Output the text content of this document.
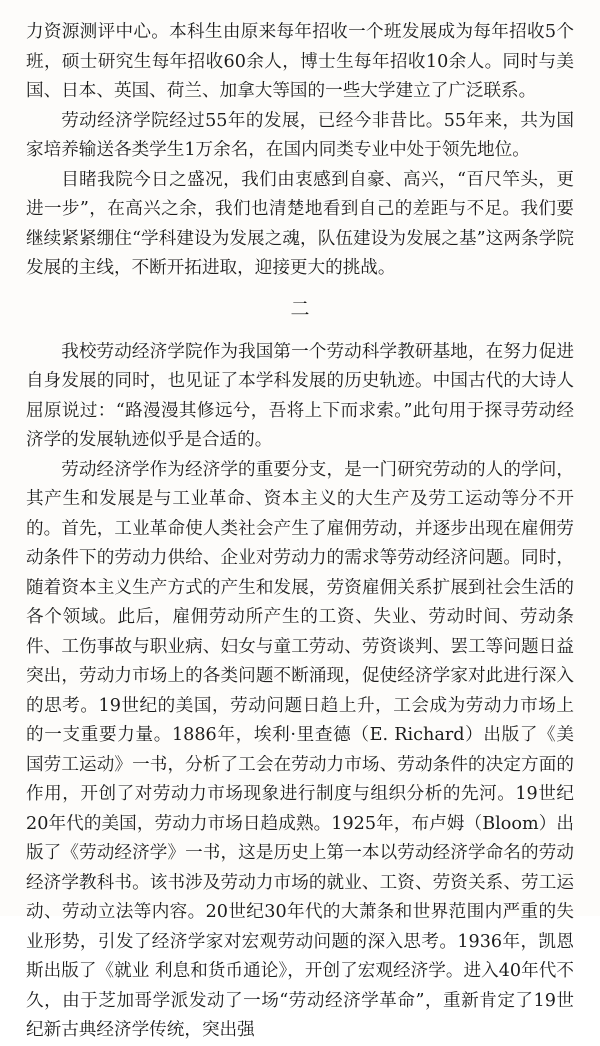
力资源测评中心。本科生由原来每年招收一个班发展成为每年招收5个班，硕士研究生每年招收60余人，博士生每年招收10余人。同时与美国、日本、英国、荷兰、加拿大等国的一些大学建立了广泛联系。

劳动经济学院经过55年的发展，已经今非昔比。55年来，共为国家培养输送各类学生1万余名，在国内同类专业中处于领先地位。

目睹我院今日之盛况，我们由衷感到自豪、高兴，“百尺竿头，更进一步”，在高兴之余，我们也清楚地看到自己的差距与不足。我们要继续紧紧绷住“学科建设为发展之魂，队伍建设为发展之基”这两条学院发展的主线，不断开拓进取，迎接更大的挑战。

二

我校劳动经济学院作为我国第一个劳动科学教研基地，在努力促进自身发展的同时，也见证了本学科发展的历史轨迹。中国古代的大诗人屈原说过：“路漫漫其修远兮，吾将上下而求索。”此句用于探寻劳动经济学的发展轨迹似乎是合适的。

劳动经济学作为经济学的重要分支，是一门研究劳动的人的学问，其产生和发展是与工业革命、资本主义的大生产及劳工运动等分不开的。首先，工业革命使人类社会产生了雇佣劳动，并逐步出现在雇佣劳动条件下的劳动力供给、企业对劳动力的需求等劳动经济问题。同时，随着资本主义生产方式的产生和发展，劳资雇佣关系扩展到社会生活的各个领域。此后，雇佣劳动所产生的工资、失业、劳动时间、劳动条件、工伤事故与职业病、妇女与童工劳动、劳资谈判、罢工等问题日益突出，劳动力市场上的各类问题不断涌现，促使经济学家对此进行深入的思考。19世纪的美国，劳动问题日趋上升，工会成为劳动力市场上的一支重要力量。1886年，埃利·里查德（E. Richard）出版了《美国劳工运动》一书，分析了工会在劳动力市场、劳动条件的决定方面的作用，开创了对劳动力市场现象进行制度与组织分析的先河。19世纪20年代的美国，劳动力市场日趋成熟。1925年，布卢姆（Bloom）出版了《劳动经济学》一书，这是历史上第一本以劳动经济学命名的劳动经济学教科书。该书涉及劳动力市场的就业、工资、劳资关系、劳工运动、劳动立法等内容。20世纪30年代的大萧条和世界范围内严重的失业形势，引发了经济学家对宏观劳动问题的深入思考。1936年，凯恩斯出版了《就业 利息和货币通论》，开创了宏观经济学。进入40年代不久，由于芝加哥学派发动了一场“劳动经济学革命”，重新肯定了19世纪新古典经济学传统，突出强
